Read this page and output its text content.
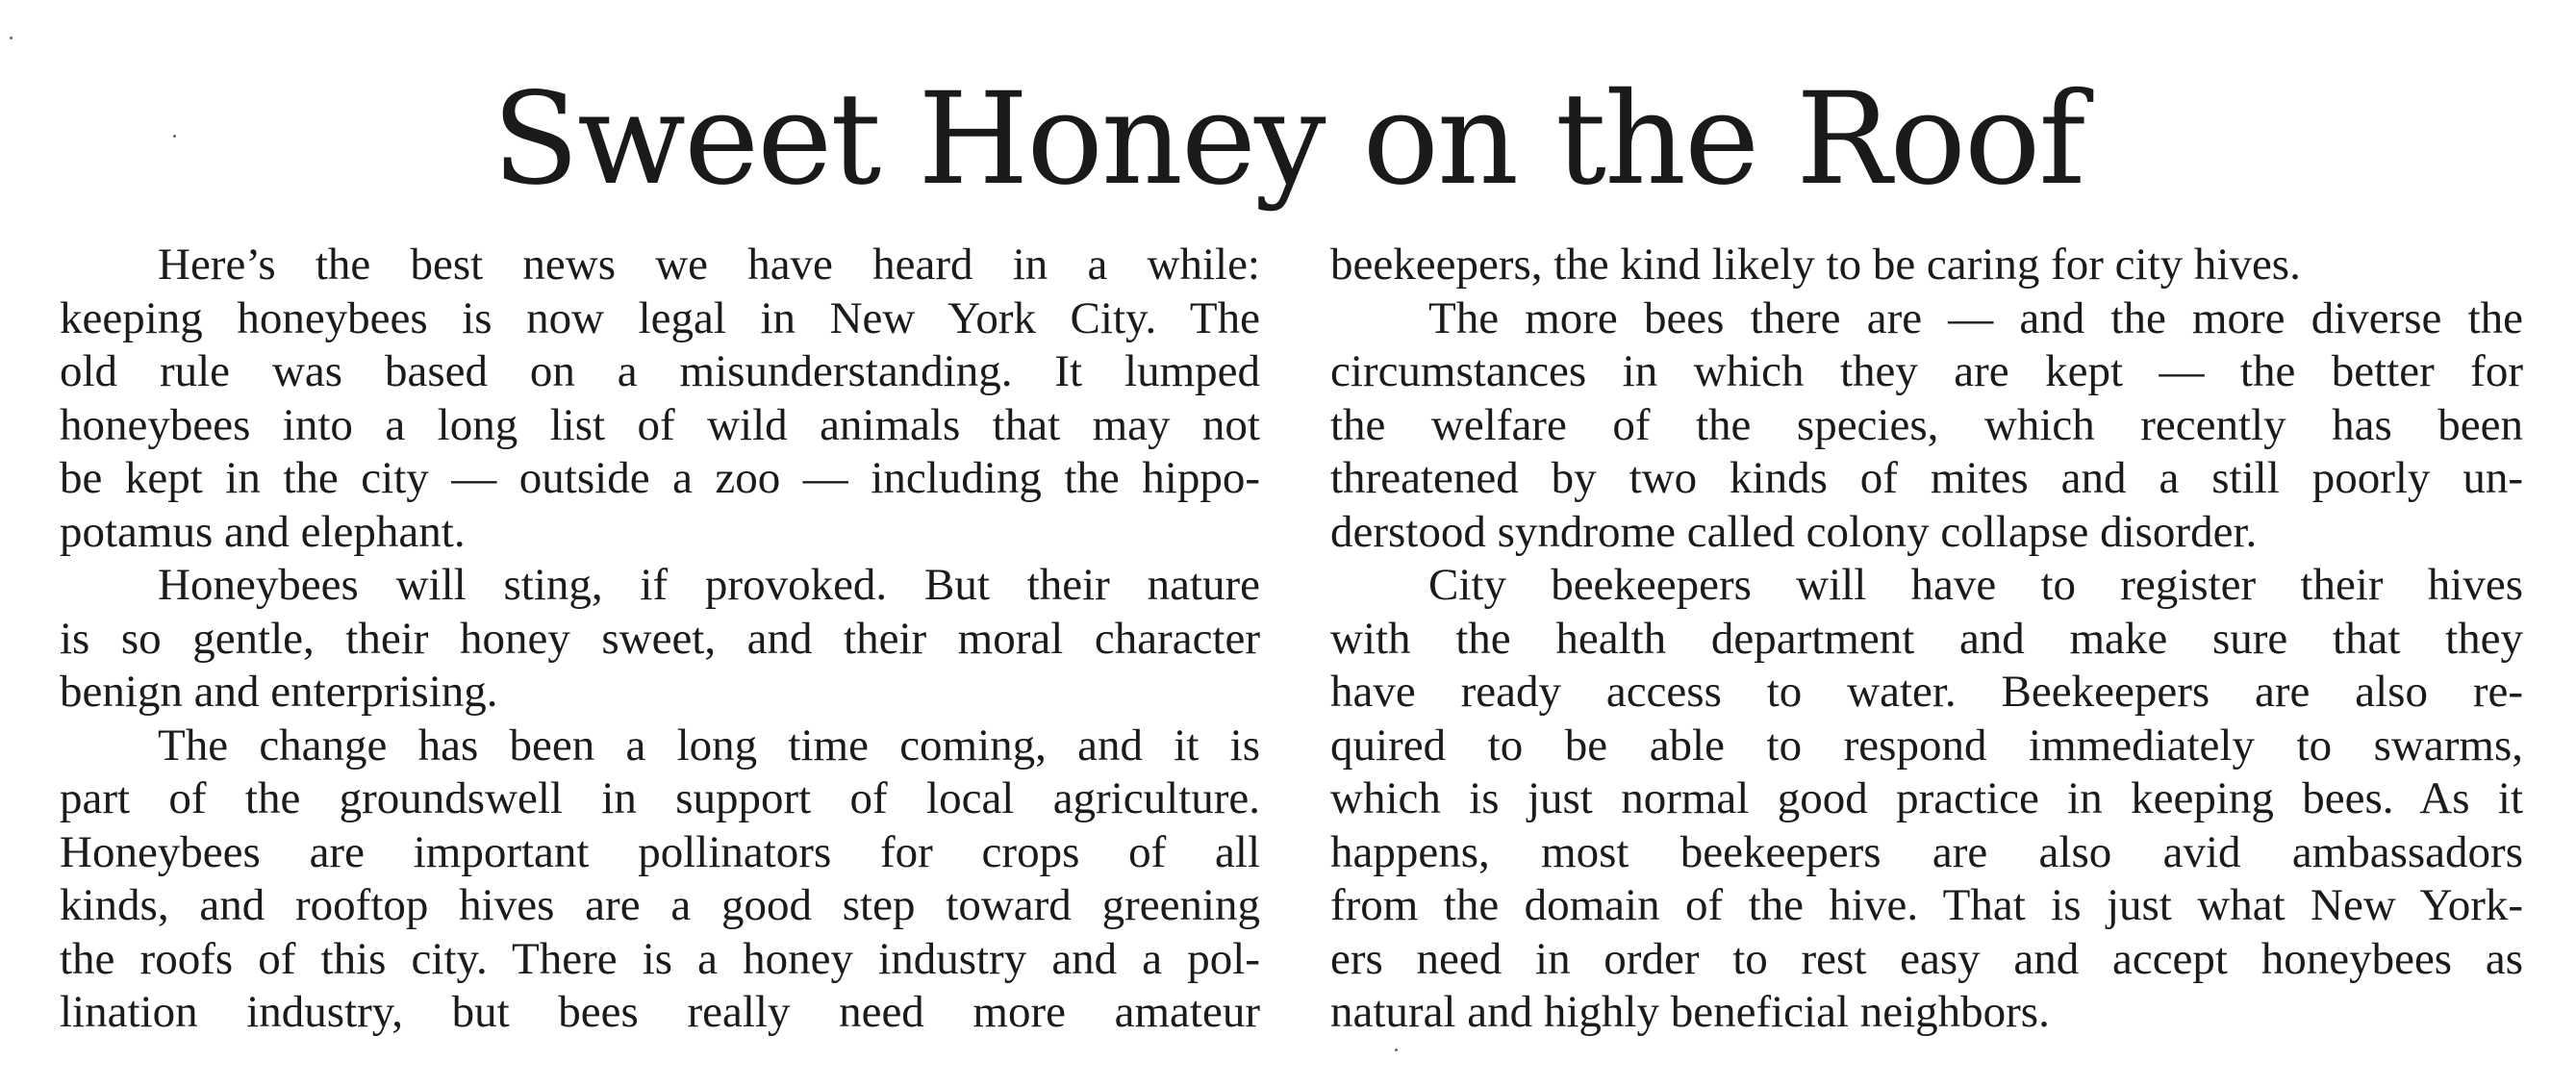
Sweet Honey on the Roof
Here’s the best news we have heard in a while:
keeping honeybees is now legal in New York City. The
old rule was based on a misunderstanding. It lumped
honeybees into a long list of wild animals that may not
be kept in the city — outside a zoo — including the hippo-
potamus and elephant.
Honeybees will sting, if provoked. But their nature
is so gentle, their honey sweet, and their moral character
benign and enterprising.
The change has been a long time coming, and it is
part of the groundswell in support of local agriculture.
Honeybees are important pollinators for crops of all
kinds, and rooftop hives are a good step toward greening
the roofs of this city. There is a honey industry and a pol-
lination industry, but bees really need more amateur
beekeepers, the kind likely to be caring for city hives.
The more bees there are — and the more diverse the
circumstances in which they are kept — the better for
the welfare of the species, which recently has been
threatened by two kinds of mites and a still poorly un-
derstood syndrome called colony collapse disorder.
City beekeepers will have to register their hives
with the health department and make sure that they
have ready access to water. Beekeepers are also re-
quired to be able to respond immediately to swarms,
which is just normal good practice in keeping bees. As it
happens, most beekeepers are also avid ambassadors
from the domain of the hive. That is just what New York-
ers need in order to rest easy and accept honeybees as
natural and highly beneficial neighbors.
